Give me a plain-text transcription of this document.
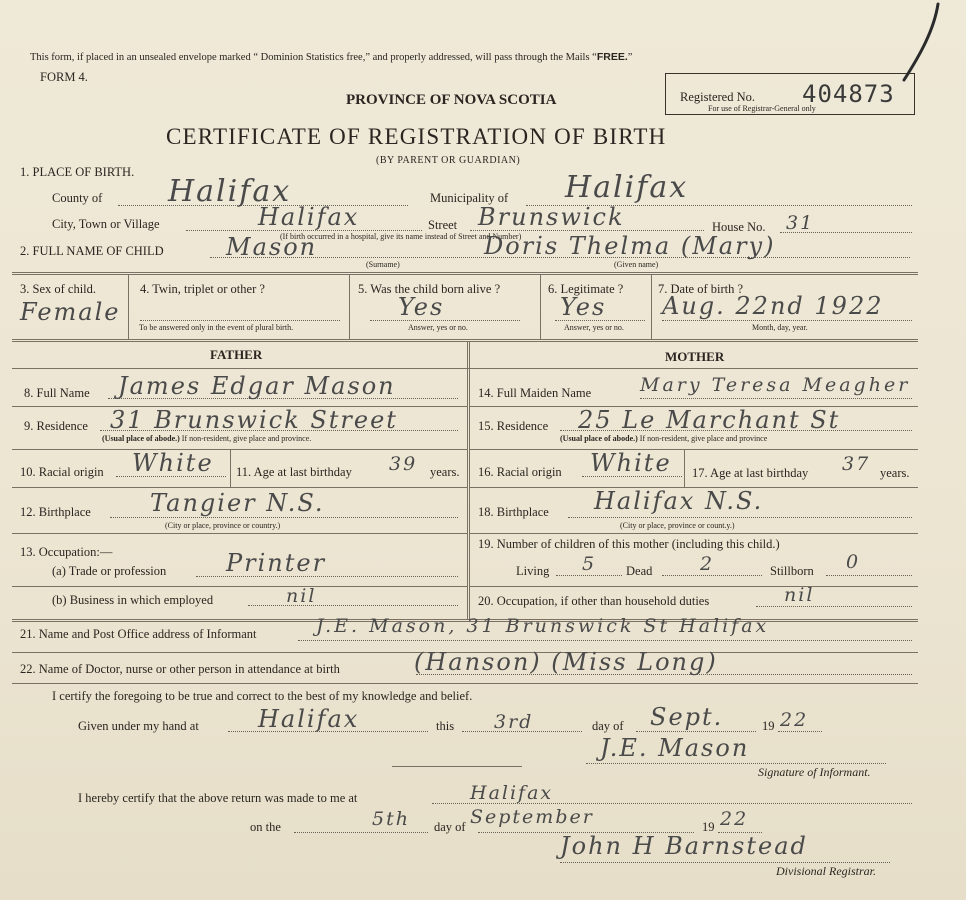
This form, if placed in an unsealed envelope marked “ Dominion Statistics free,” and properly addressed, will pass through the Mails “FREE.”
FORM 4.
Registered No.
For use of Registrar-General only
404873
PROVINCE OF NOVA SCOTIA
CERTIFICATE OF REGISTRATION OF BIRTH
(BY PARENT OR GUARDIAN)
1. PLACE OF BIRTH.
County of Halifax	Municipality of Halifax
City, Town or Village	Halifax	Street Brunswick	House No. 31
(If birth occurred in a hospital, give its name instead of Street and Number)
2. FULL NAME OF CHILD	Mason	Doris Thelma (Mary)
(Surname)	(Given name)
3. Sex of child.
Female
4. Twin, triplet or other ?
To be answered only in the event of plural birth.
5. Was the child born alive ?
Yes
Answer, yes or no.
6. Legitimate ?
Yes
Answer, yes or no.
7. Date of birth ?
Aug. 22nd 1922
Month, day, year.
FATHER	MOTHER
8. Full Name James Edgar Mason
9. Residence 31 Brunswick Street
(Usual place of abode.) If non-resident, give place and province.
10. Racial origin White 11. Age at last birthday 39 years.
12. Birthplace Tangier N.S.
(City or place, province or country.)
13. Occupation:—
(a) Trade or profession Printer
(b) Business in which employed	nil
14. Full Maiden Name	Mary Teresa Meagher
15. Residence 25 Le Marchant St
(Usual place of abode.) If non-resident, give place and province
16. Racial origin White 17. Age at last birthday 37 years.
18. Birthplace Halifax N.S.
(City or place, province or count.y.)
19. Number of children of this mother (including this child.)
Living 5 Dead	2	Stillborn 0
20. Occupation, if other than household duties	nil
21. Name and Post Office address of Informant	J.E. Mason, 31 Brunswick St Halifax
22. Name of Doctor, nurse or other person in attendance at birth	(Hanson) (Miss Long)
I certify the foregoing to be true and correct to the best of my knowledge and belief.
Given under my hand at Halifax	this 3rd	day of Sept.	19 22
J.E. Mason
Signature of Informant.
I hereby certify that the above return was made to me at	Halifax
on the	5th day of September	19 22
John H Barnstead
Divisional Registrar.
